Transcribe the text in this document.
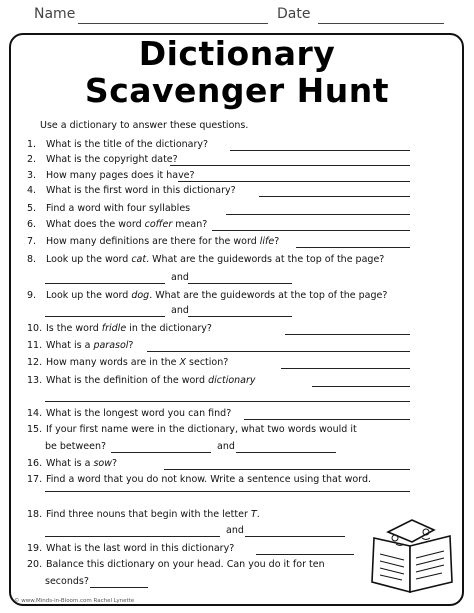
Name	Date
Dictionary
Scavenger Hunt
Use a dictionary to answer these questions.
1. What is the title of the dictionary?
2. What is the copyright date?
3. How many pages does it have?
4. What is the first word in this dictionary?
5. Find a word with four syllables
6. What does the word coffer mean?
7. How many definitions are there for the word life?
8. Look up the word cat. What are the guidewords at the top of the page?
9. Look up the word dog. What are the guidewords at the top of the page?
10. Is the word fridle in the dictionary?
11. What is a parasol?
12. How many words are in the X section?
13. What is the definition of the word dictionary
14. What is the longest word you can find?
15. If your first name were in the dictionary, what two words would it
16. What is a sow?
17. Find a word that you do not know. Write a sentence using that word.
18. Find three nouns that begin with the letter T.
19. What is the last word in this dictionary?
20. Balance this dictionary on your head. Can you do it for ten
and
and
be between?	and
and
seconds?
© www.Minds-in-Bloom.com Rachel Lynette
